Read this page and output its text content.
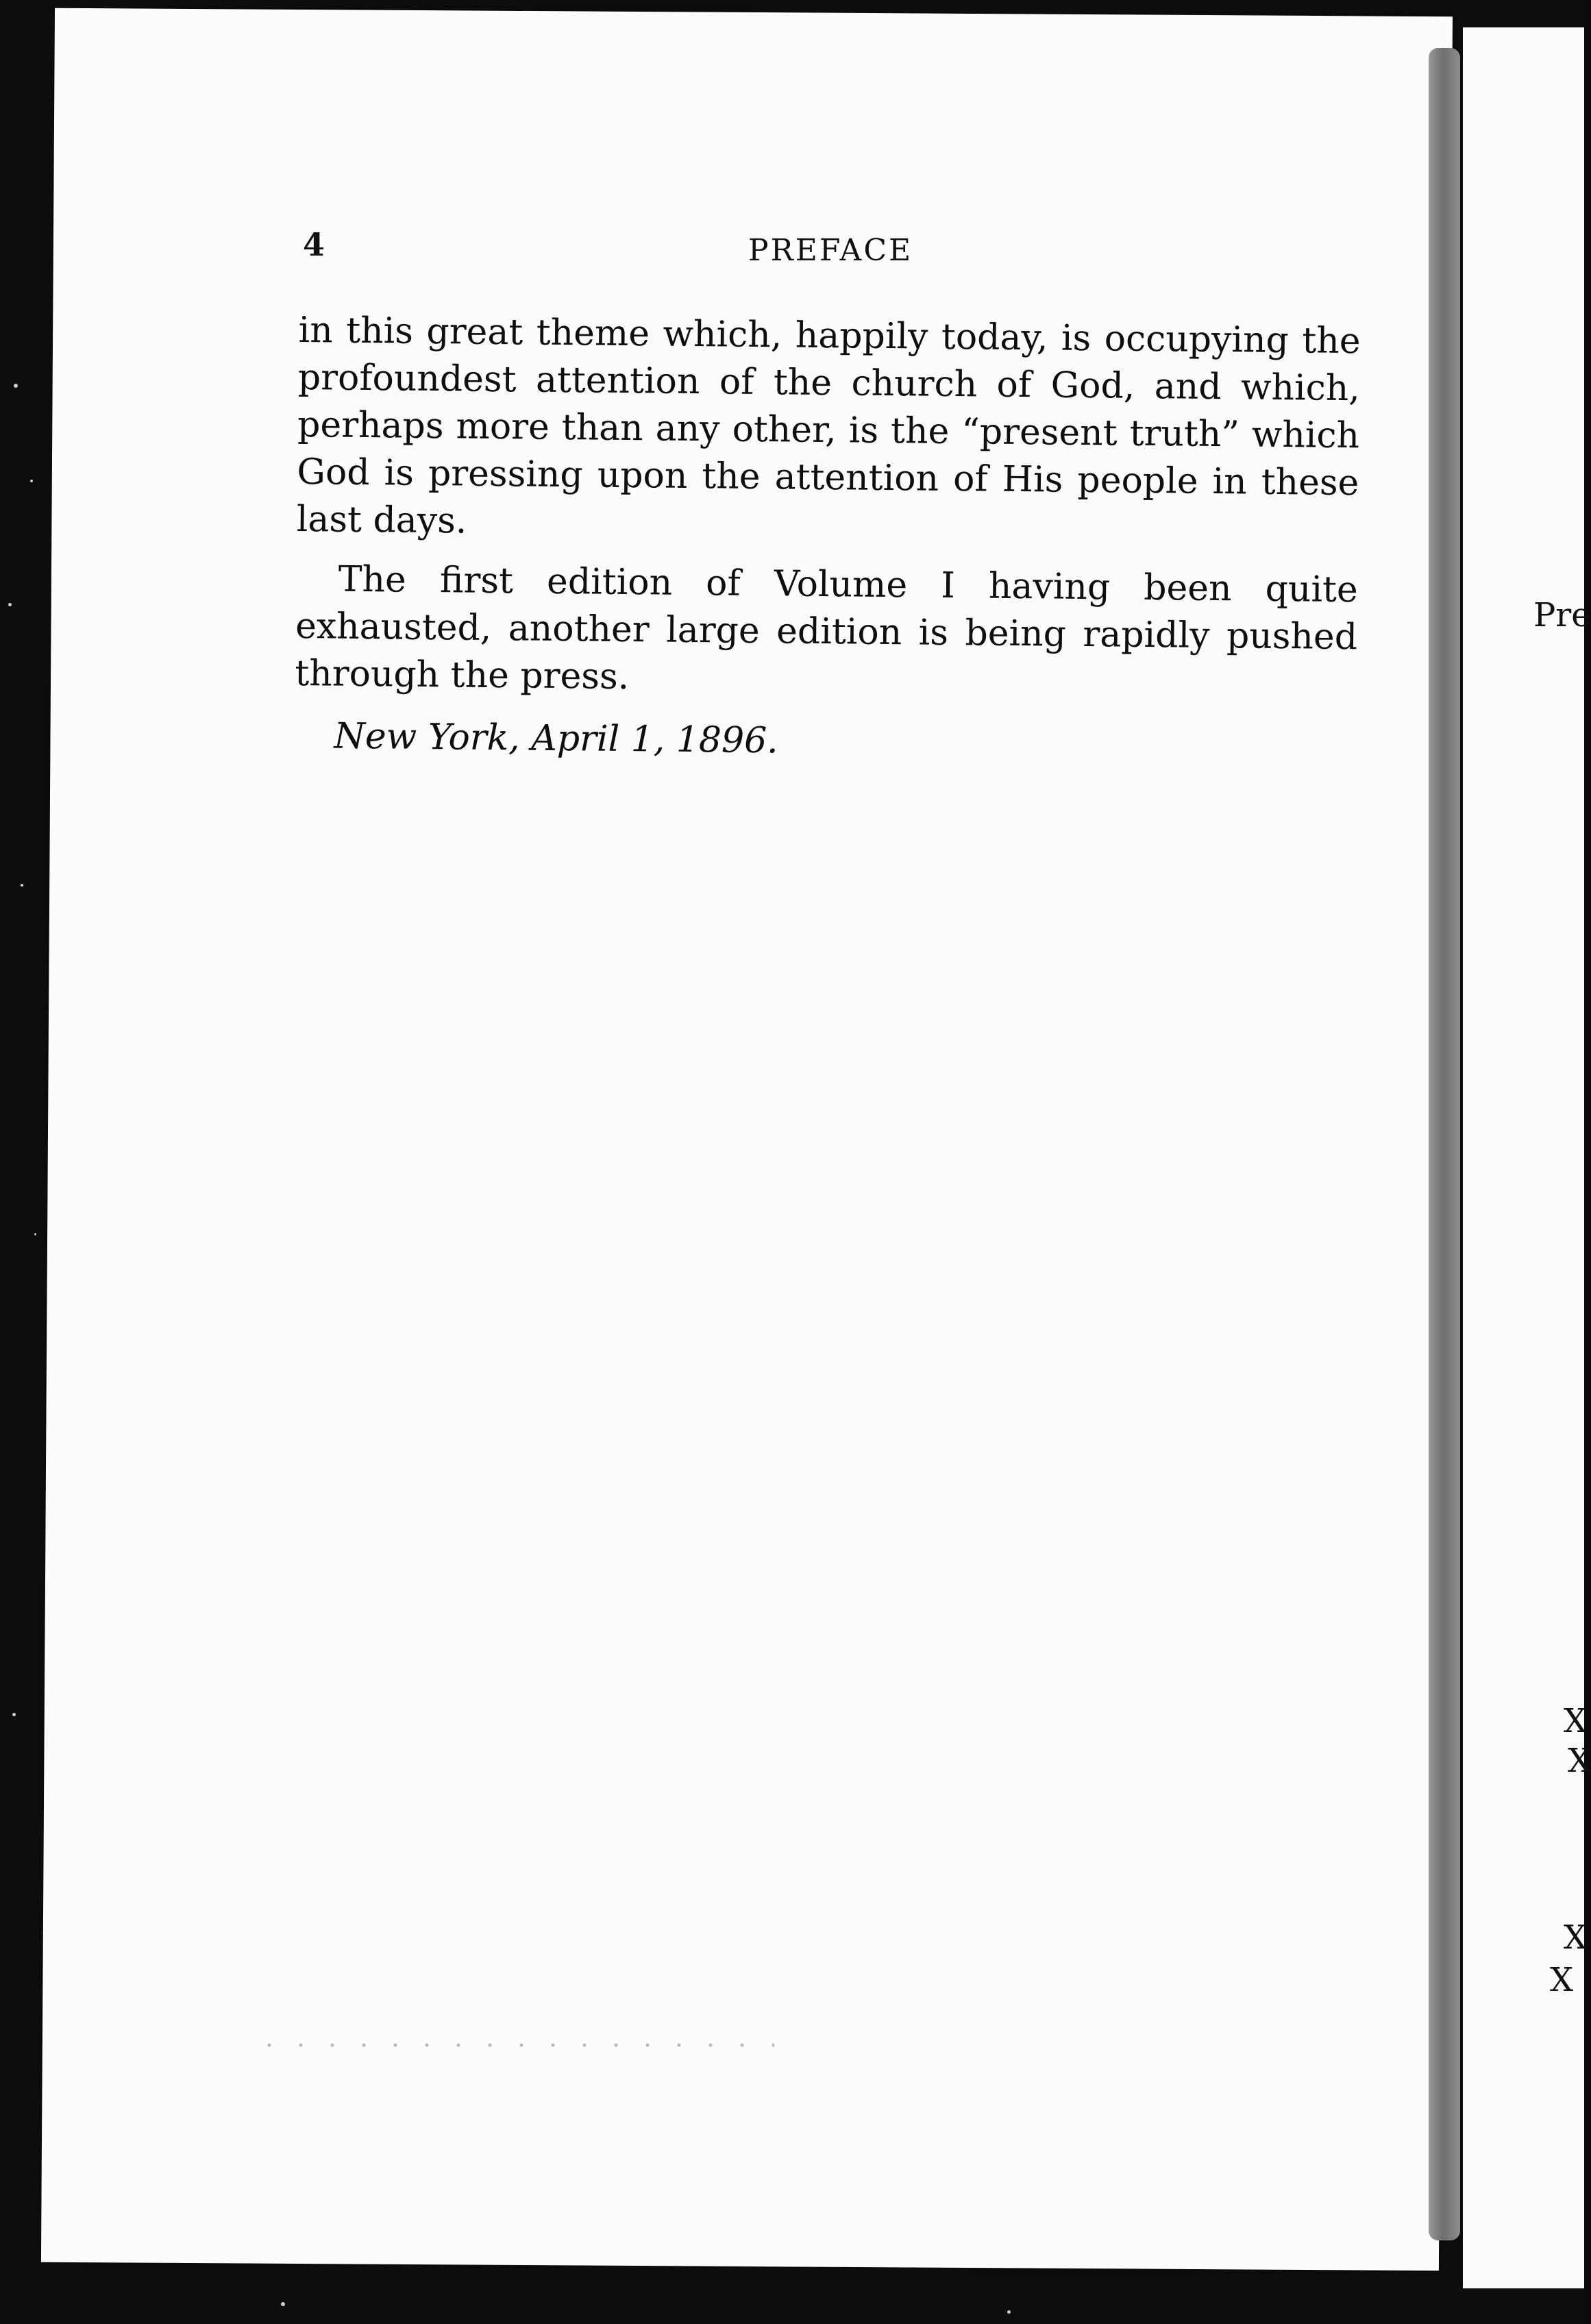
4	PREFACE

in this great theme which, happily today, is occupying the profoundest attention of the church of God, and which, perhaps more than any other, is the “present truth” which God is pressing upon the attention of His people in these last days.

The first edition of Volume I having been quite exhausted, another large edition is being rapidly pushed through the press.

New York, April 1, 1896.

Pre
X
X
X
X
